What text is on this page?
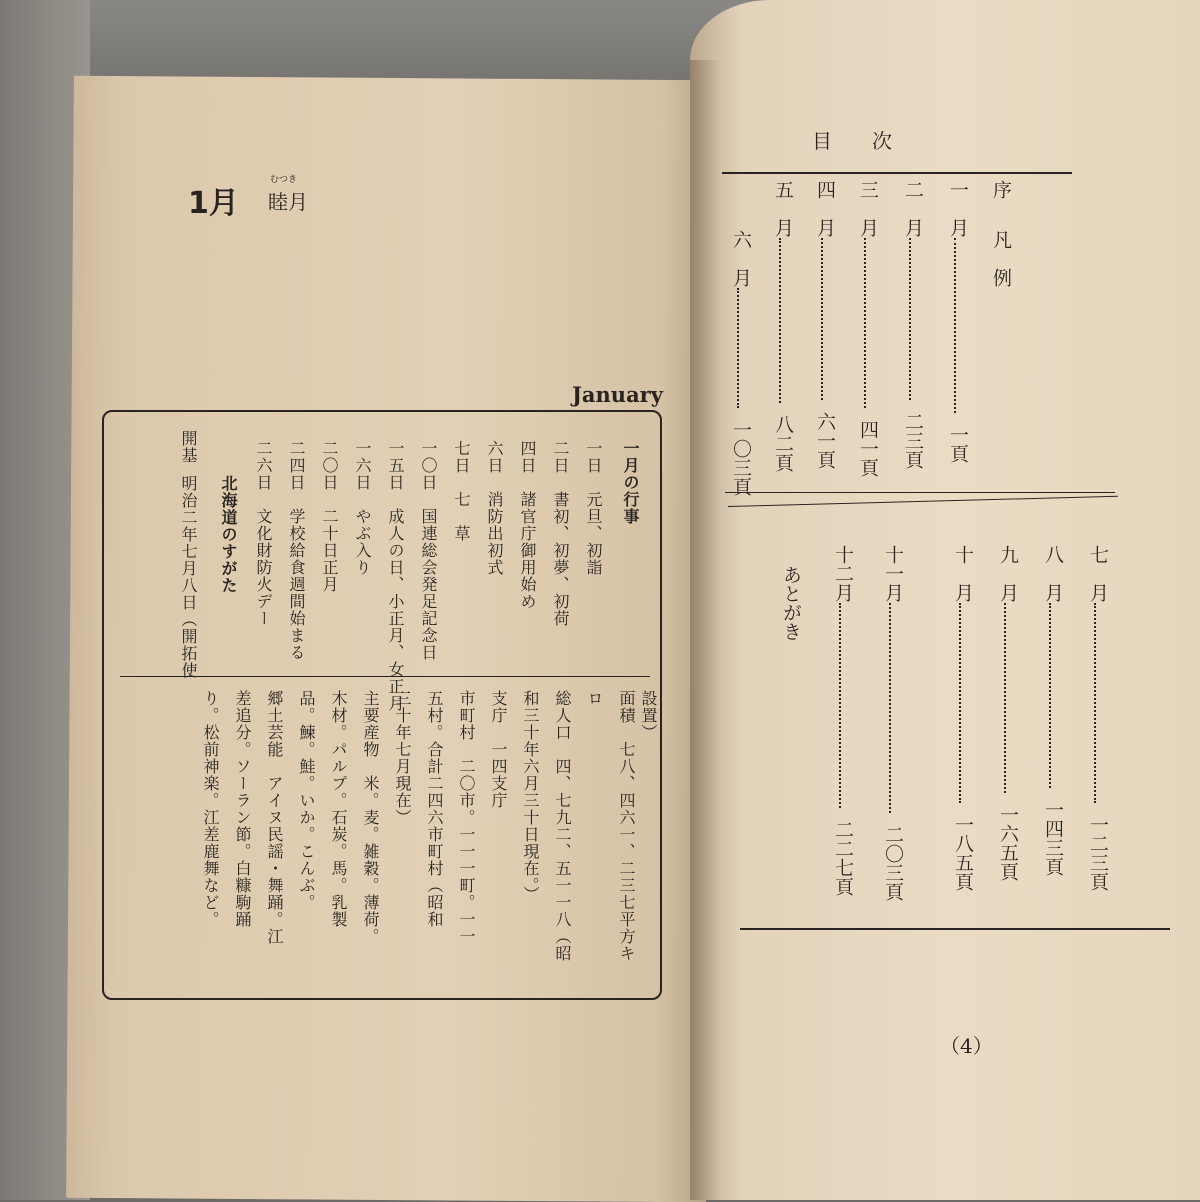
1月
むつき
睦月
January
一月の行事
一日　元旦、初詣
二日　書初、初夢、初荷
四日　諸官庁御用始め
六日　消防出初式
七日　七　草
一〇日　国連総会発足記念日
一五日　成人の日、小正月、女正月
一六日　やぶ入り
二〇日　二十日正月
二四日　学校給食週間始まる
二六日　文化財防火デー
北海道のすがた
開基
明治二年七月八日（開拓使
設置）
面積　七八、四六一、二三七平方キ
ロ
総人口　四、七九二、五一一八（昭
和三十年六月三十日現在。）
支庁　一四支庁
市町村　二〇市。一一一町。一一
五村。合計二四六市町村（昭和
三十年七月現在）
主要産物　米。麦。雑穀。薄荷。
木材。パルプ。石炭。馬。乳製
品。鰊。鮭。いか。こんぶ。
郷土芸能　アイヌ民謡・舞踊。江
差追分。ソーラン節。白糠駒踊
り。松前神楽。江差鹿舞など。
目　　次
序
凡　例
一　月
一頁
二　月
二三頁
三　月
四一頁
四　月
六一頁
五　月
八二頁
六　月
一〇三頁
七　月
一二三頁
八　月
一四三頁
九　月
一六五頁
十　月
一八五頁
十一月
二〇三頁
十二月
二二七頁
あとがき
（4）
